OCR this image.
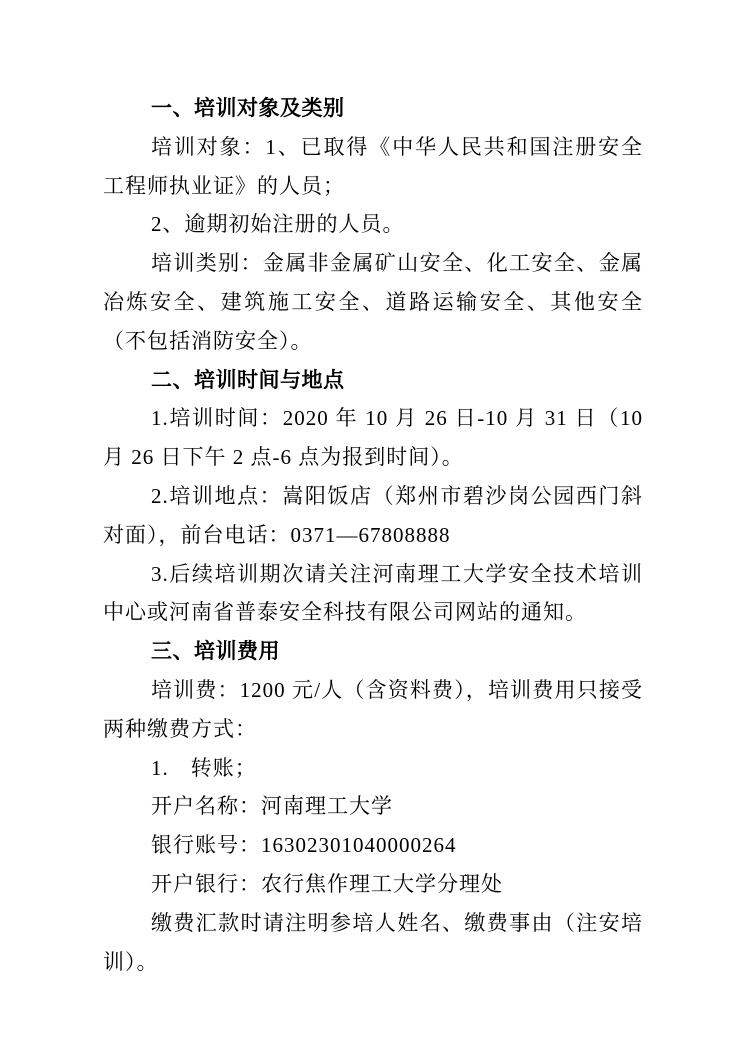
一、培训对象及类别

培训对象：1、已取得《中华人民共和国注册安全工程师执业证》的人员；

2、逾期初始注册的人员。

培训类别：金属非金属矿山安全、化工安全、金属冶炼安全、建筑施工安全、道路运输安全、其他安全（不包括消防安全）。

二、培训时间与地点

1.培训时间：2020 年 10 月 26 日-10 月 31 日（10 月 26 日下午 2 点-6 点为报到时间）。

2.培训地点：嵩阳饭店（郑州市碧沙岗公园西门斜对面），前台电话：0371—67808888

3.后续培训期次请关注河南理工大学安全技术培训中心或河南省普泰安全科技有限公司网站的通知。

三、培训费用

培训费：1200 元/人（含资料费），培训费用只接受两种缴费方式：

1.　转账；

开户名称：河南理工大学

银行账号：16302301040000264

开户银行：农行焦作理工大学分理处

缴费汇款时请注明参培人姓名、缴费事由（注安培训）。
